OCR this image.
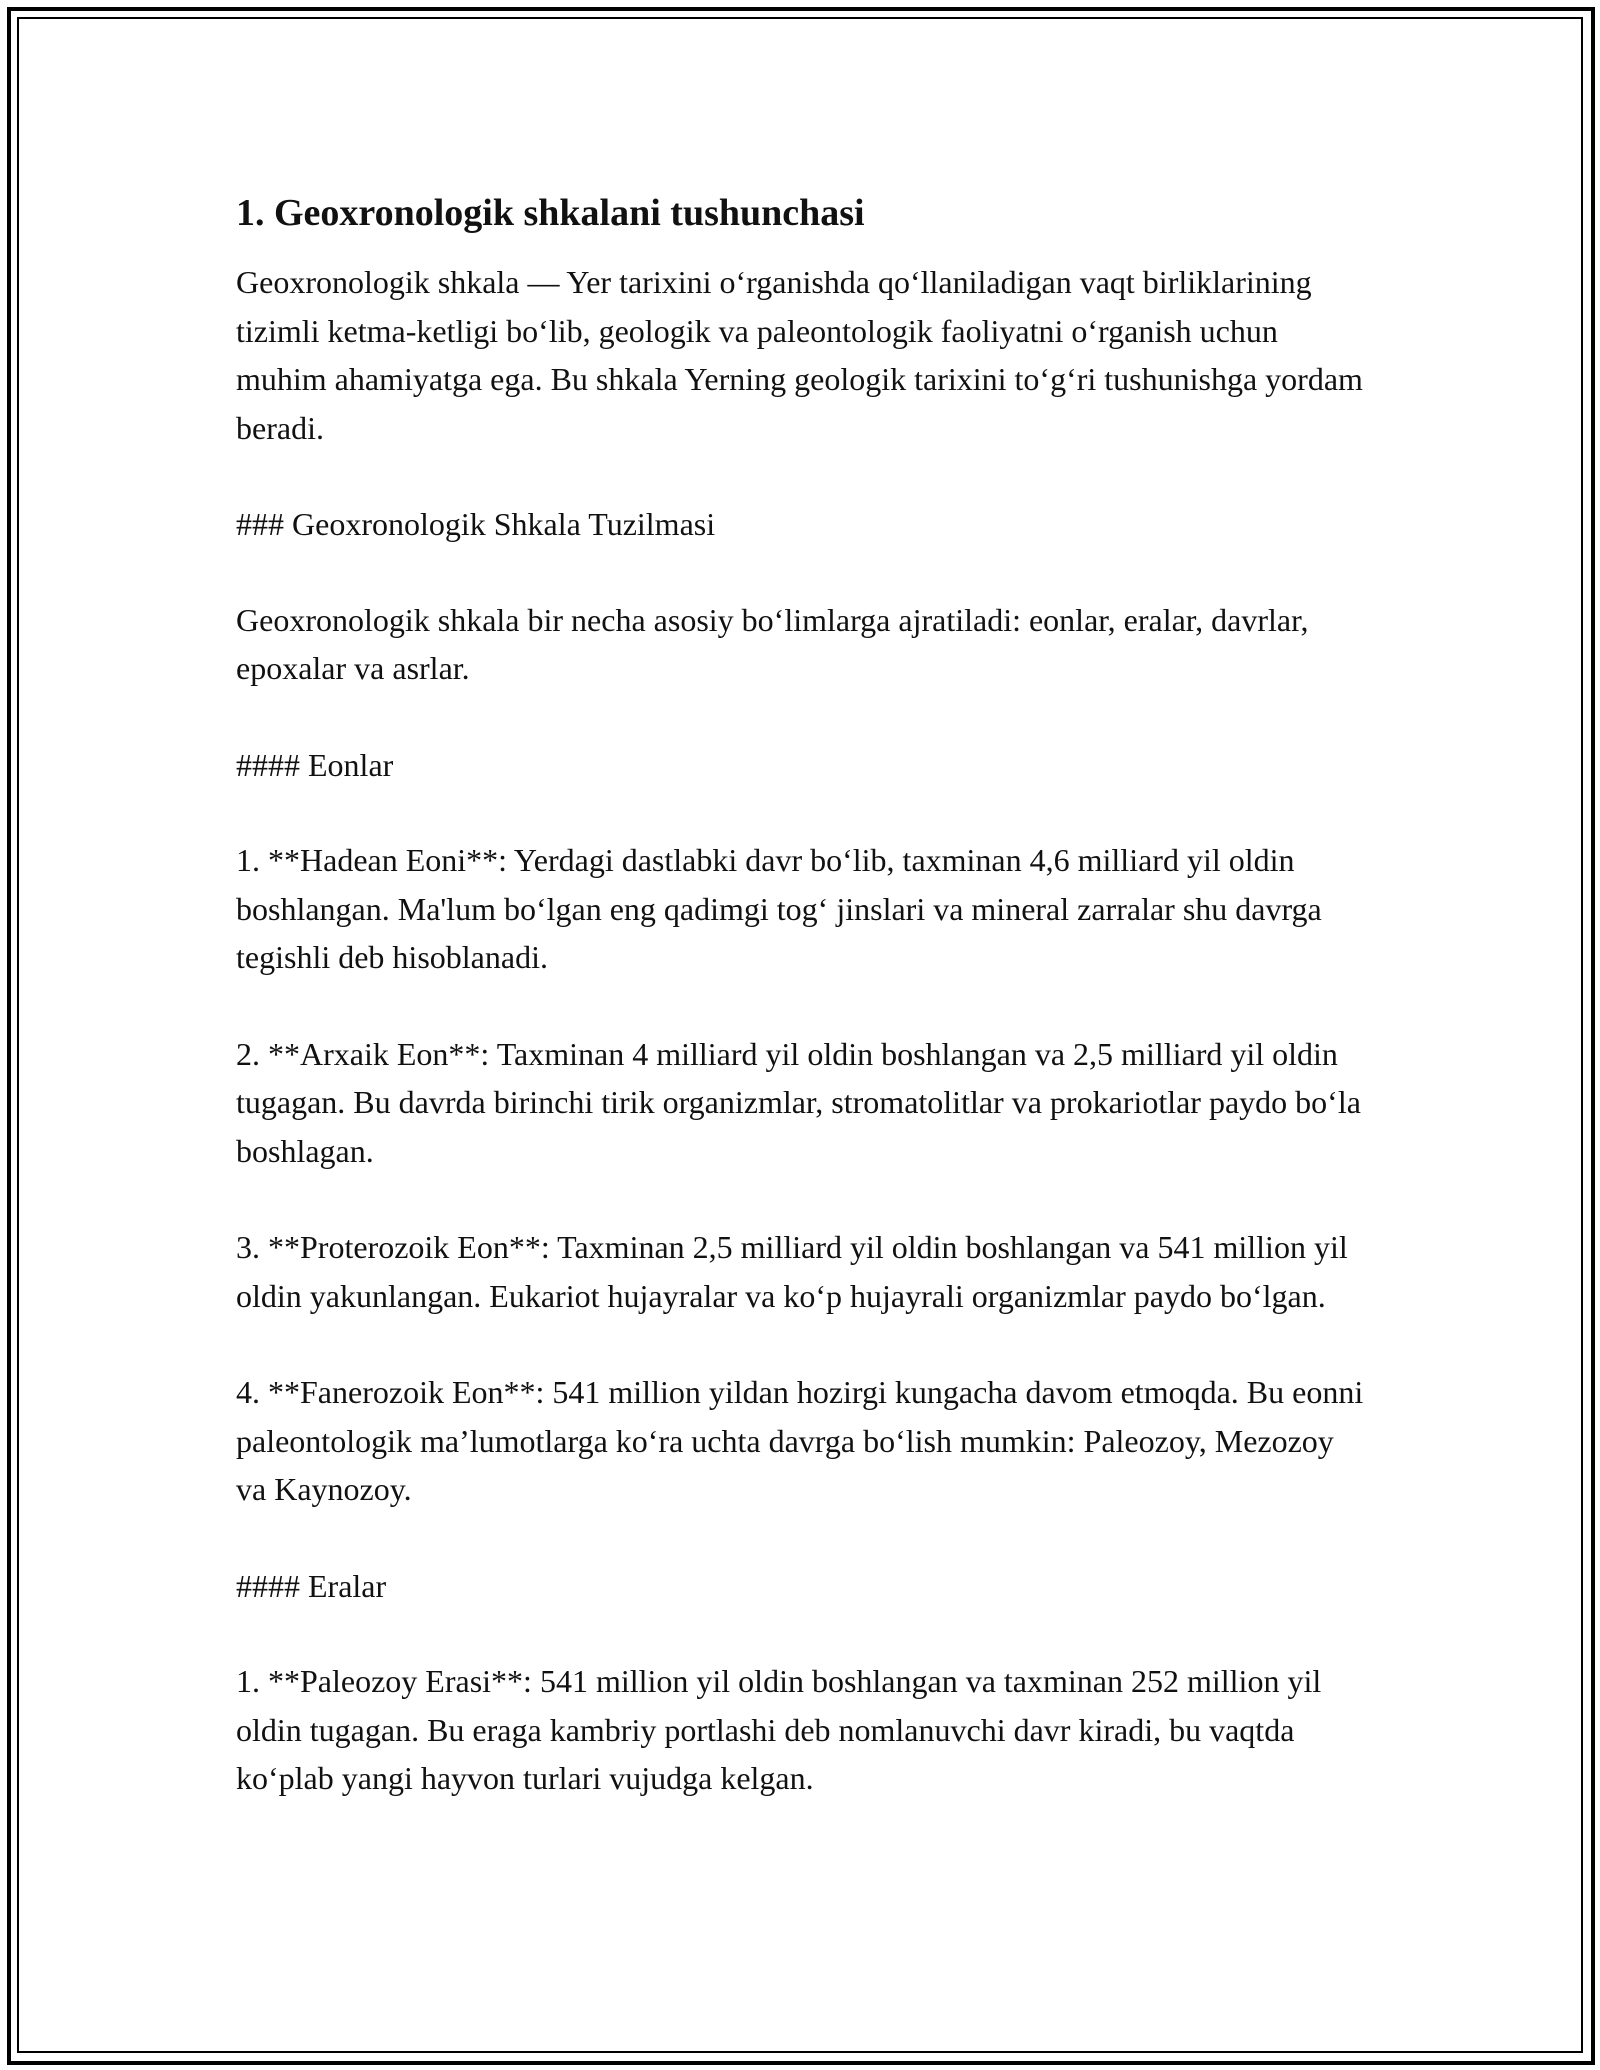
1. Geoxronologik shkalani tushunchasi
Geoxronologik shkala — Yer tarixini o‘rganishda qo‘llaniladigan vaqt birliklarining tizimli ketma-ketligi bo‘lib, geologik va paleontologik faoliyatni o‘rganish uchun muhim ahamiyatga ega. Bu shkala Yerning geologik tarixini to‘g‘ri tushunishga yordam beradi.
### Geoxronologik Shkala Tuzilmasi
Geoxronologik shkala bir necha asosiy bo‘limlarga ajratiladi: eonlar, eralar, davrlar, epoxalar va asrlar.
#### Eonlar
1. **Hadean Eoni**: Yerdagi dastlabki davr bo‘lib, taxminan 4,6 milliard yil oldin boshlangan. Ma'lum bo‘lgan eng qadimgi tog‘ jinslari va mineral zarralar shu davrga tegishli deb hisoblanadi.
2. **Arxaik Eon**: Taxminan 4 milliard yil oldin boshlangan va 2,5 milliard yil oldin tugagan. Bu davrda birinchi tirik organizmlar, stromatolitlar va prokariotlar paydo bo‘la boshlagan.
3. **Proterozoik Eon**: Taxminan 2,5 milliard yil oldin boshlangan va 541 million yil oldin yakunlangan. Eukariot hujayralar va ko‘p hujayrali organizmlar paydo bo‘lgan.
4. **Fanerozoik Eon**: 541 million yildan hozirgi kungacha davom etmoqda. Bu eonni paleontologik ma’lumotlarga ko‘ra uchta davrga bo‘lish mumkin: Paleozoy, Mezozoy va Kaynozoy.
#### Eralar
1. **Paleozoy Erasi**: 541 million yil oldin boshlangan va taxminan 252 million yil oldin tugagan. Bu eraga kambriy portlashi deb nomlanuvchi davr kiradi, bu vaqtda ko‘plab yangi hayvon turlari vujudga kelgan.
